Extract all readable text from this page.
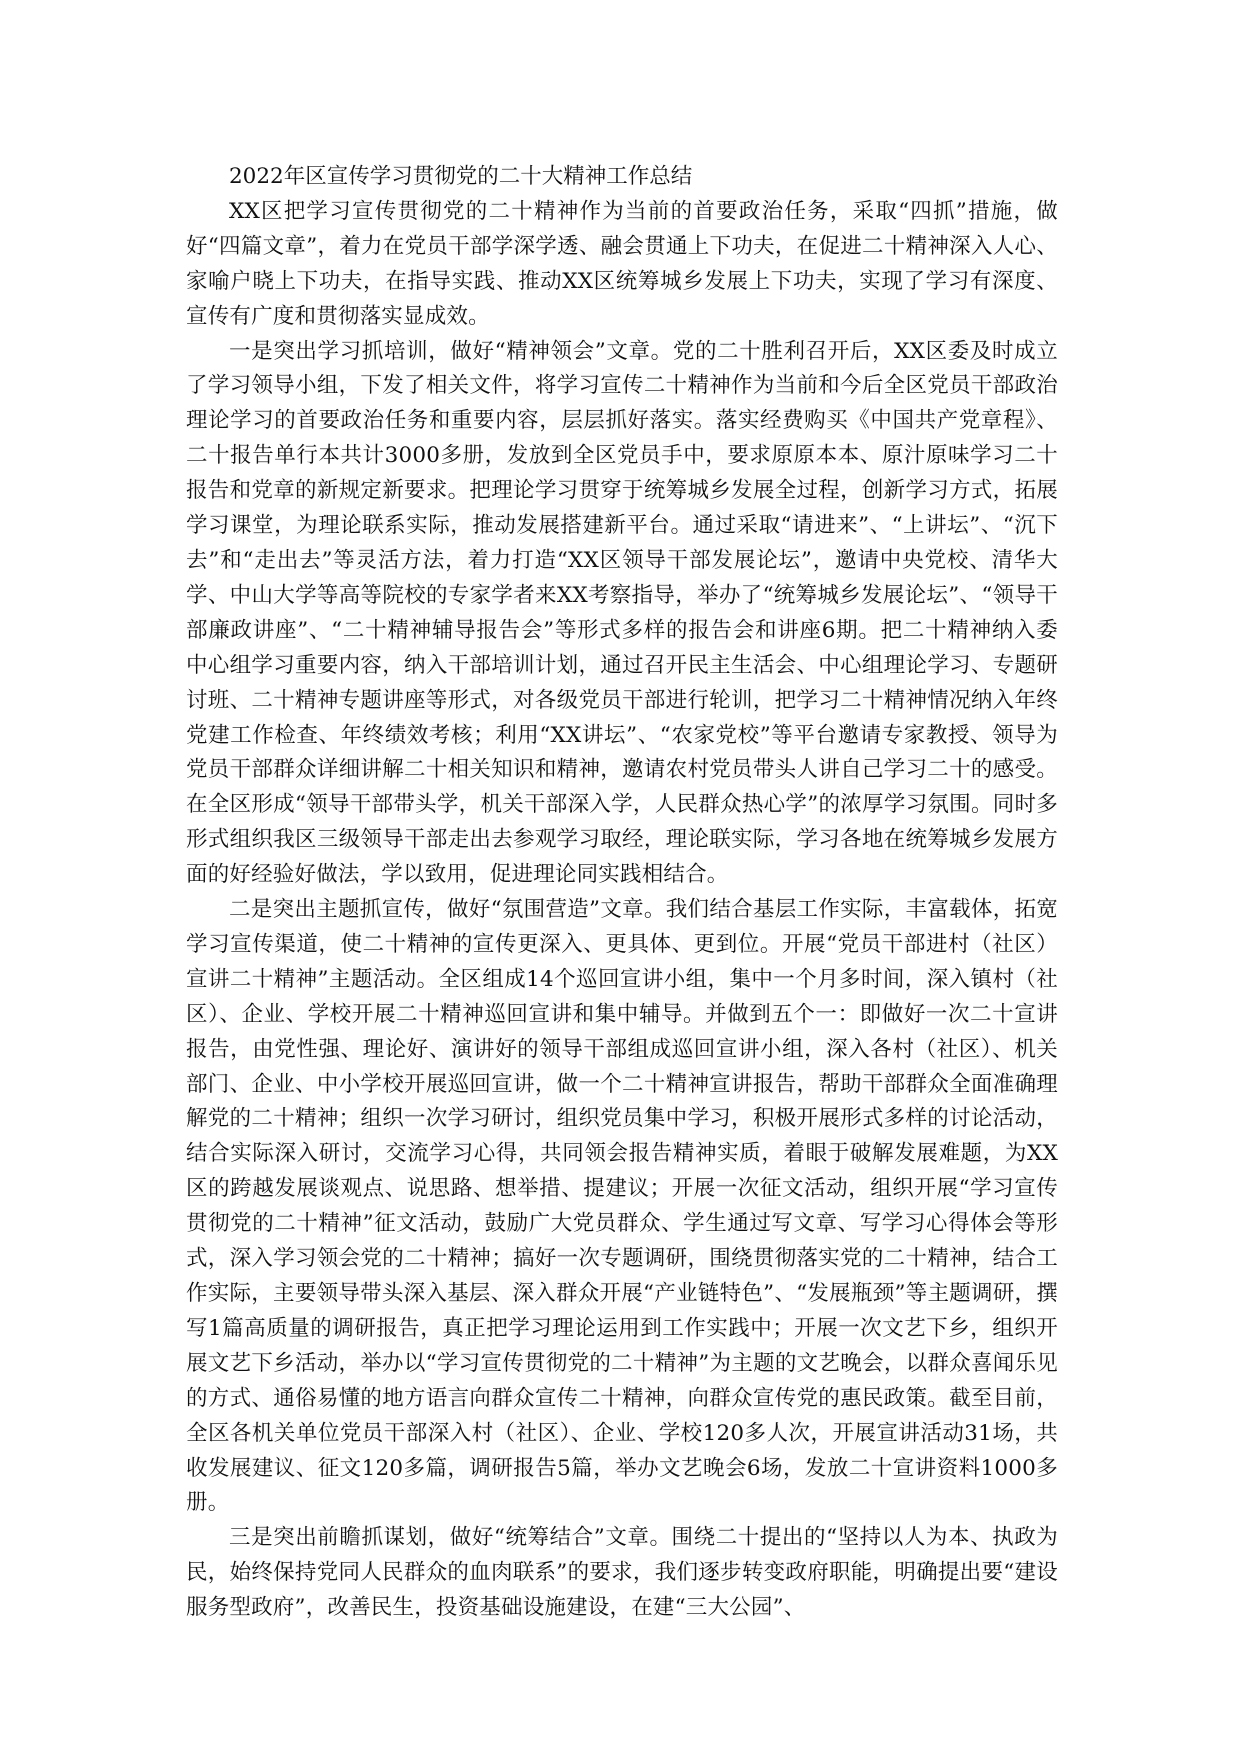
2022年区宣传学习贯彻党的二十大精神工作总结

XX区把学习宣传贯彻党的二十精神作为当前的首要政治任务，采取“四抓”措施，做好“四篇文章”，着力在党员干部学深学透、融会贯通上下功夫，在促进二十精神深入人心、家喻户晓上下功夫，在指导实践、推动XX区统筹城乡发展上下功夫，实现了学习有深度、宣传有广度和贯彻落实显成效。

一是突出学习抓培训，做好“精神领会”文章。党的二十胜利召开后，XX区委及时成立了学习领导小组，下发了相关文件，将学习宣传二十精神作为当前和今后全区党员干部政治理论学习的首要政治任务和重要内容，层层抓好落实。落实经费购买《中国共产党章程》、二十报告单行本共计3000多册，发放到全区党员手中，要求原原本本、原汁原味学习二十报告和党章的新规定新要求。把理论学习贯穿于统筹城乡发展全过程，创新学习方式，拓展学习课堂，为理论联系实际，推动发展搭建新平台。通过采取“请进来”、“上讲坛”、“沉下去”和“走出去”等灵活方法，着力打造“XX区领导干部发展论坛”，邀请中央党校、清华大学、中山大学等高等院校的专家学者来XX考察指导，举办了“统筹城乡发展论坛”、“领导干部廉政讲座”、“二十精神辅导报告会”等形式多样的报告会和讲座6期。把二十精神纳入委中心组学习重要内容，纳入干部培训计划，通过召开民主生活会、中心组理论学习、专题研讨班、二十精神专题讲座等形式，对各级党员干部进行轮训，把学习二十精神情况纳入年终党建工作检查、年终绩效考核；利用“XX讲坛”、“农家党校”等平台邀请专家教授、领导为党员干部群众详细讲解二十相关知识和精神，邀请农村党员带头人讲自己学习二十的感受。在全区形成“领导干部带头学，机关干部深入学，人民群众热心学”的浓厚学习氛围。同时多形式组织我区三级领导干部走出去参观学习取经，理论联实际，学习各地在统筹城乡发展方面的好经验好做法，学以致用，促进理论同实践相结合。

二是突出主题抓宣传，做好“氛围营造”文章。我们结合基层工作实际，丰富载体，拓宽学习宣传渠道，使二十精神的宣传更深入、更具体、更到位。开展“党员干部进村（社区）宣讲二十精神”主题活动。全区组成14个巡回宣讲小组，集中一个月多时间，深入镇村（社区）、企业、学校开展二十精神巡回宣讲和集中辅导。并做到五个一：即做好一次二十宣讲报告，由党性强、理论好、演讲好的领导干部组成巡回宣讲小组，深入各村（社区）、机关部门、企业、中小学校开展巡回宣讲，做一个二十精神宣讲报告，帮助干部群众全面准确理解党的二十精神；组织一次学习研讨，组织党员集中学习，积极开展形式多样的讨论活动，结合实际深入研讨，交流学习心得，共同领会报告精神实质，着眼于破解发展难题，为XX区的跨越发展谈观点、说思路、想举措、提建议；开展一次征文活动，组织开展“学习宣传贯彻党的二十精神”征文活动，鼓励广大党员群众、学生通过写文章、写学习心得体会等形式，深入学习领会党的二十精神；搞好一次专题调研，围绕贯彻落实党的二十精神，结合工作实际，主要领导带头深入基层、深入群众开展“产业链特色”、“发展瓶颈”等主题调研，撰写1篇高质量的调研报告，真正把学习理论运用到工作实践中；开展一次文艺下乡，组织开展文艺下乡活动，举办以“学习宣传贯彻党的二十精神”为主题的文艺晚会，以群众喜闻乐见的方式、通俗易懂的地方语言向群众宣传二十精神，向群众宣传党的惠民政策。截至目前，全区各机关单位党员干部深入村（社区）、企业、学校120多人次，开展宣讲活动31场，共收发展建议、征文120多篇，调研报告5篇，举办文艺晚会6场，发放二十宣讲资料1000多册。

三是突出前瞻抓谋划，做好“统筹结合”文章。围绕二十提出的“坚持以人为本、执政为民，始终保持党同人民群众的血肉联系”的要求，我们逐步转变政府职能，明确提出要“建设服务型政府”，改善民生，投资基础设施建设，在建“三大公园”、
